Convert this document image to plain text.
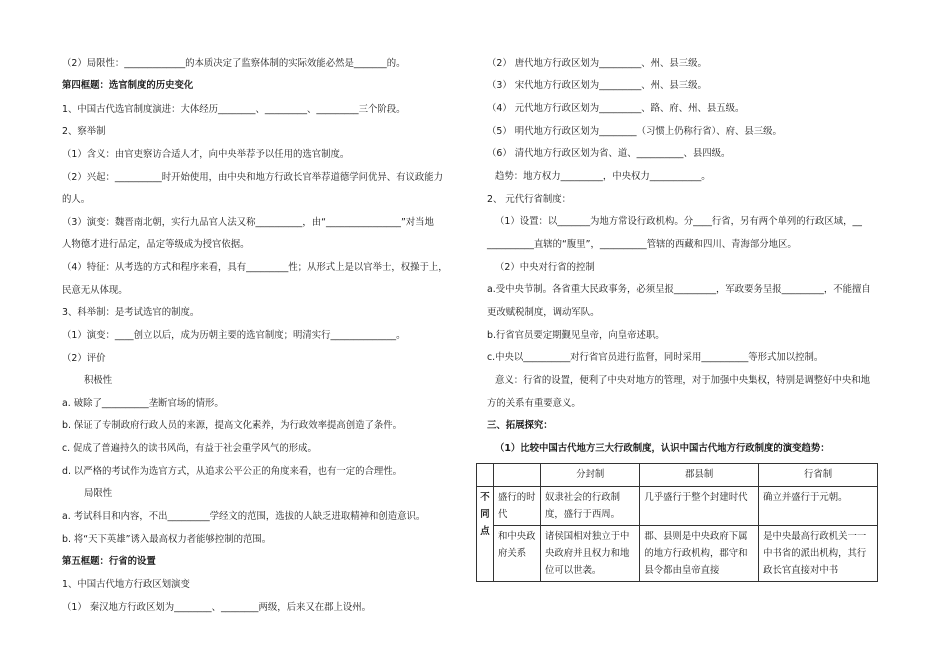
（2）局限性：_____________的本质决定了监察体制的实际效能必然是_______的。
第四框题：选官制度的历史变化
1、中国古代选官制度演进：大体经历________、_________、_________三个阶段。
2、察举制
（1）含义：由官吏察访合适人才，向中央举荐予以任用的选官制度。
（2）兴起：__________时开始使用，由中央和地方行政长官举荐道德学问优异、有议政能力
的人。
（3）演变：魏晋南北朝，实行九品官人法又称__________，由“________________”对当地
人物德才进行品定，品定等级成为授官依据。
（4）特征：从考选的方式和程序来看，具有_________性；从形式上是以官举士，权操于上，
民意无从体现。
3、科举制：是考试选官的制度。
（1）演变：____创立以后，成为历朝主要的选官制度；明清实行______________。
（2）评价
积极性
a. 破除了__________垄断官场的情形。
b. 保证了专制政府行政人员的来源，提高文化素养，为行政效率提高创造了条件。
c. 促成了普遍持久的读书风尚，有益于社会重学风气的形成。
d. 以严格的考试作为选官方式，从追求公平公正的角度来看，也有一定的合理性。
局限性
a. 考试科目和内容，不出_________学经文的范围，选拔的人缺乏进取精神和创造意识。
b. 将“天下英雄”诱入最高权力者能够控制的范围。
第五框题：行省的设置
1、中国古代地方行政区划演变
（1） 秦汉地方行政区划为________、________两级，后来又在郡上设州。
（2） 唐代地方行政区划为_________、州、县三级。
（3） 宋代地方行政区划为_________、州、县三级。
（4） 元代地方行政区划为_________、路、府、州、县五级。
（5） 明代地方行政区划为________（习惯上仍称行省）、府、县三级。
（6） 清代地方行政区划为省、道、__________、县四级。
趋势：地方权力_________，中央权力___________。
2、 元代行省制度：
（1）设置：以_______为地方常设行政机构。分____行省，另有两个单列的行政区域，__
__________直辖的“腹里”，__________管辖的西藏和四川、青海部分地区。
（2）中央对行省的控制
a.受中央节制。各省重大民政事务，必须呈报_________，军政要务呈报_________，不能擅自
更改赋税制度，调动军队。
b.行省官员要定期觐见皇帝，向皇帝述职。
c.中央以__________对行省官员进行监督，同时采用__________等形式加以控制。
意义：行省的设置，便利了中央对地方的管理，对于加强中央集权，特别是调整好中央和地
方的关系有重要意义。
三、拓展探究：
（1）比较中国古代地方三大行政制度，认识中国古代地方行政制度的演变趋势：
		分封制	郡县制	行省制
不同点	盛行的时代	奴隶社会的行政制度，盛行于西周。	几乎盛行于整个封建时代	确立并盛行于元朝。
	和中央政府关系	诸侯国相对独立于中央政府并且权力和地位可以世袭。	郡、县则是中央政府下属的地方行政机构，郡守和县令都由皇帝直接	是中央最高行政机关一一中书省的派出机构，其行政长官直接对中书
